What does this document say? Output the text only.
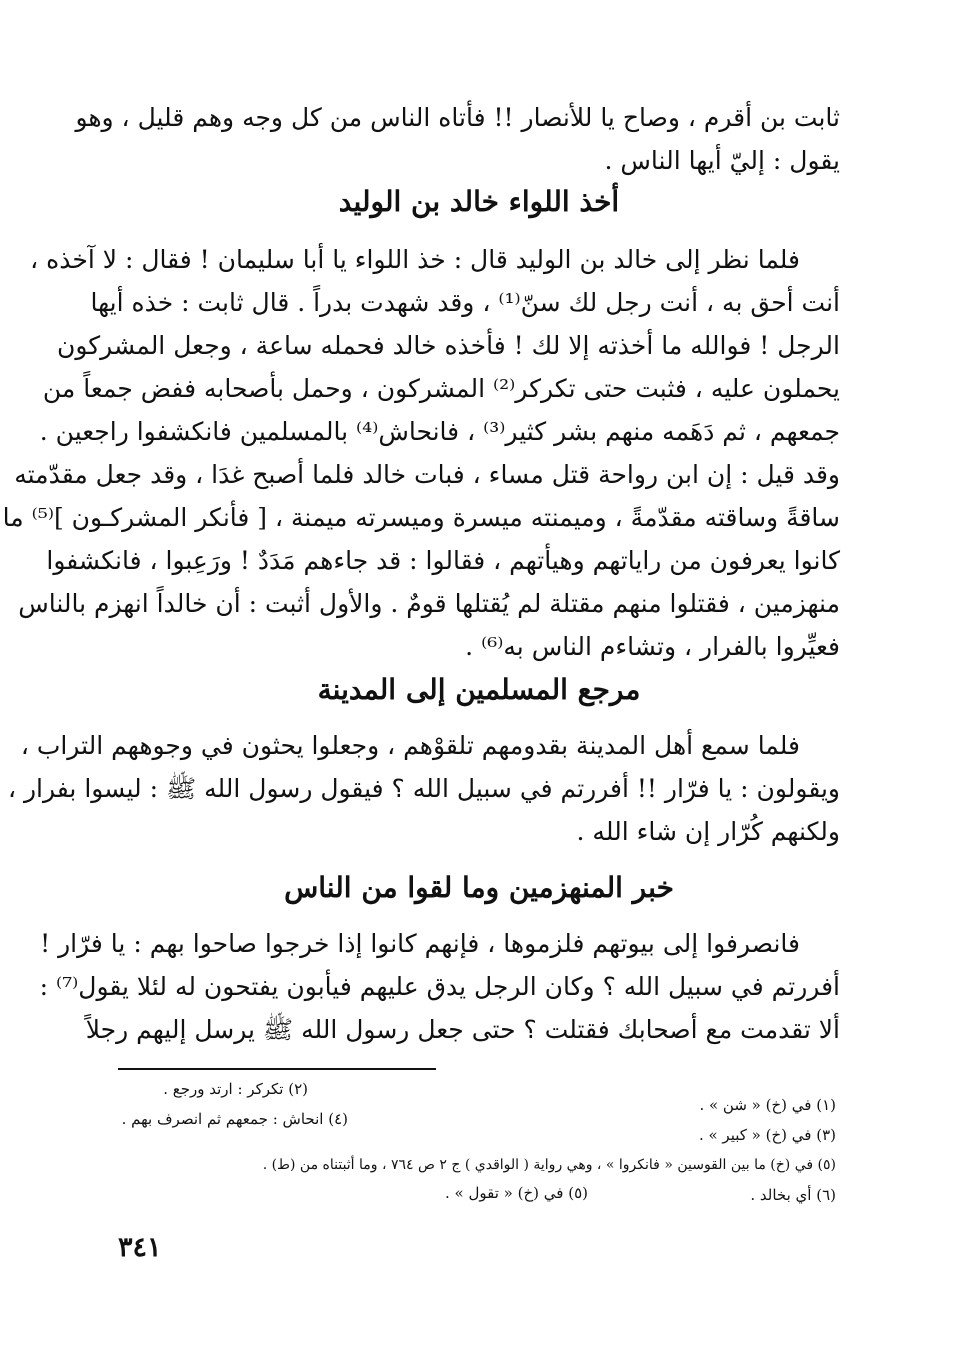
ثابت بن أقرم ، وصاح يا للأنصار !! فأتاه الناس من كل وجه وهم قليل ، وهو
يقول : إليّ أيها الناس .
أخذ اللواء خالد بن الوليد
فلما نظر إلى خالد بن الوليد قال : خذ اللواء يا أبا سليمان ! فقال : لا آخذه ،
أنت أحق به ، أنت رجل لك سنّ⁽¹⁾ ، وقد شهدت بدراً . قال ثابت : خذه أيها
الرجل ! فوالله ما أخذته إلا لك ! فأخذه خالد فحمله ساعة ، وجعل المشركون
يحملون عليه ، فثبت حتى تكركر⁽²⁾ المشركون ، وحمل بأصحابه ففض جمعاً من
جمعهم ، ثم دَهَمه منهم بشر كثير⁽³⁾ ، فانحاش⁽⁴⁾ بالمسلمين فانكشفوا راجعين .
وقد قيل : إن ابن رواحة قتل مساء ، فبات خالد فلما أصبح غدَا ، وقد جعل مقدّمته
ساقةً وساقته مقدّمةً ، وميمنته ميسرة وميسرته ميمنة ، [ فأنكر المشركـون ]⁽⁵⁾ ما
كانوا يعرفون من راياتهم وهيأتهم ، فقالوا : قد جاءهم مَدَدٌ ! ورَعِبوا ، فانكشفوا
منهزمين ، فقتلوا منهم مقتلة لم يُقتلها قومٌ . والأول أثبت : أن خالداً انهزم بالناس
فعيِّروا بالفرار ، وتشاءم الناس به⁽⁶⁾ .
مرجع المسلمين إلى المدينة
فلما سمع أهل المدينة بقدومهم تلقوْهم ، وجعلوا يحثون في وجوههم التراب ،
ويقولون : يا فرّار !! أفررتم في سبيل الله ؟ فيقول رسول الله ﷺ : ليسوا بفرار ،
ولكنهم كُرّار إن شاء الله .
خبر المنهزمين وما لقوا من الناس
فانصرفوا إلى بيوتهم فلزموها ، فإنهم كانوا إذا خرجوا صاحوا بهم : يا فرّار !
أفررتم في سبيل الله ؟ وكان الرجل يدق عليهم فيأبون يفتحون له لئلا يقول⁽⁷⁾ :
ألا تقدمت مع أصحابك فقتلت ؟ حتى جعل رسول الله ﷺ يرسل إليهم رجلاً
(١) في (خ) « شن » .
(٣) في (خ) « كبير » .
(٥) في (خ) ما بين القوسين « فانكروا » ، وهي رواية ( الواقدي ) ج ٢ ص ٧٦٤ ، وما أثبتناه من (ط) .
(٦) أي بخالد .
(٢) تكركر : ارتد ورجع .
(٤) انحاش : جمعهم ثم انصرف بهم .
(٥) في (خ) « تقول » .
٣٤١
